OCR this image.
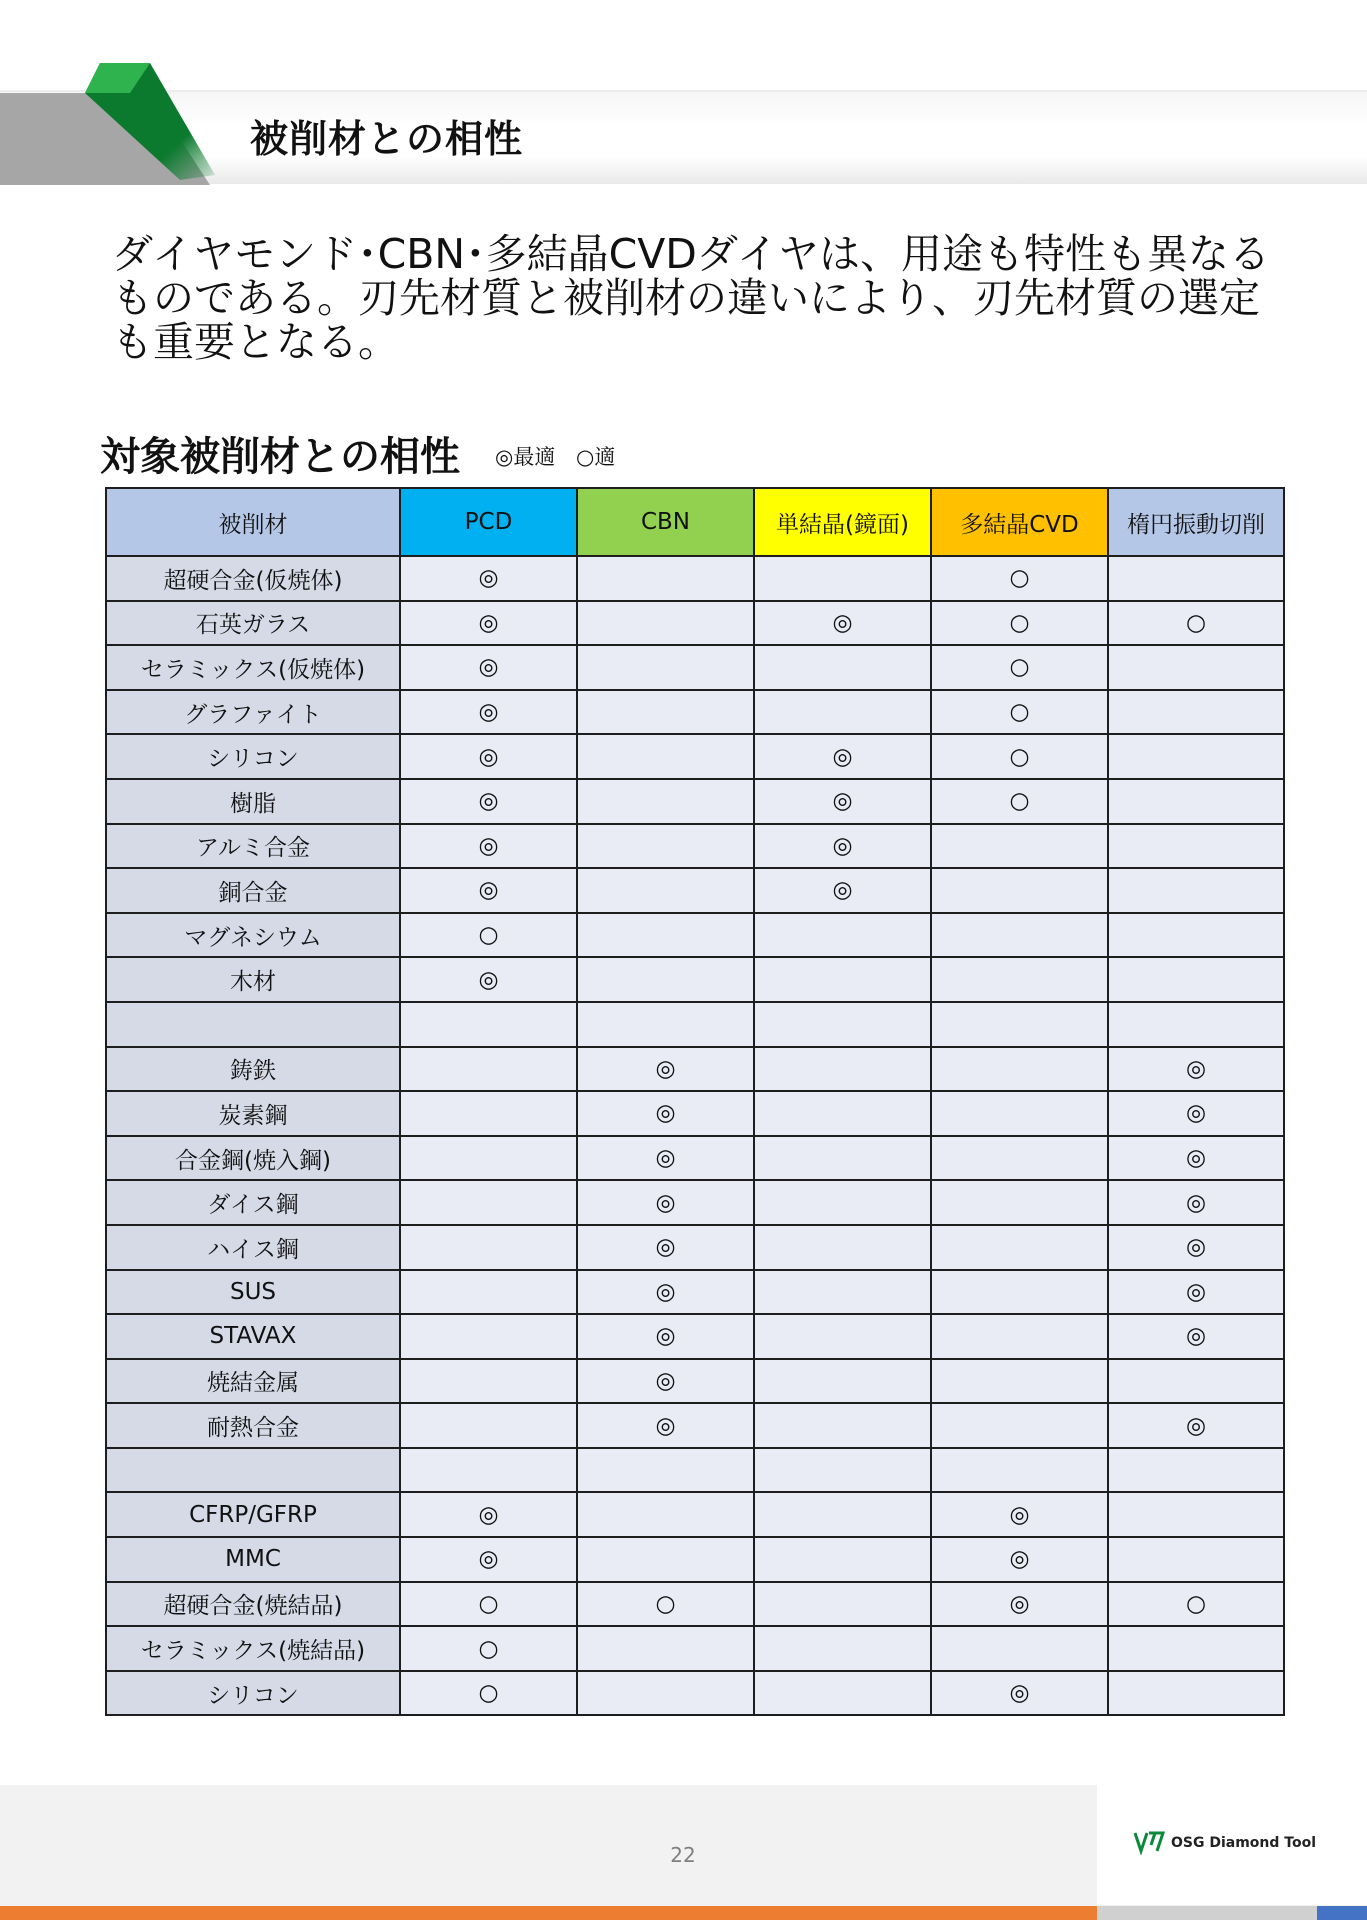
被削材との相性
ダイヤモンド･CBN･多結晶CVDダイヤは、用途も特性も異なるものである。刃先材質と被削材の違いにより、刃先材質の選定も重要となる。
対象被削材との相性 ◎最適 ○適
被削材	PCD	CBN	単結晶(鏡面)	多結晶CVD	楕円振動切削
超硬合金(仮焼体)	◎			○	
石英ガラス	◎		◎	○	○
セラミックス(仮焼体)	◎			○	
グラファイト	◎			○	
シリコン	◎		◎	○	
樹脂	◎		◎	○	
アルミ合金	◎		◎		
銅合金	◎		◎		
マグネシウム	○				
木材	◎				

鋳鉄		◎			◎
炭素鋼		◎			◎
合金鋼(焼入鋼)		◎			◎
ダイス鋼		◎			◎
ハイス鋼		◎			◎
SUS		◎			◎
STAVAX		◎			◎
焼結金属		◎			
耐熱合金		◎			◎

CFRP/GFRP	◎			◎	
MMC	◎			◎	
超硬合金(焼結品)	○	○		◎	○
セラミックス(焼結品)	○				
シリコン	○			◎	
22	OSG Diamond Tool
